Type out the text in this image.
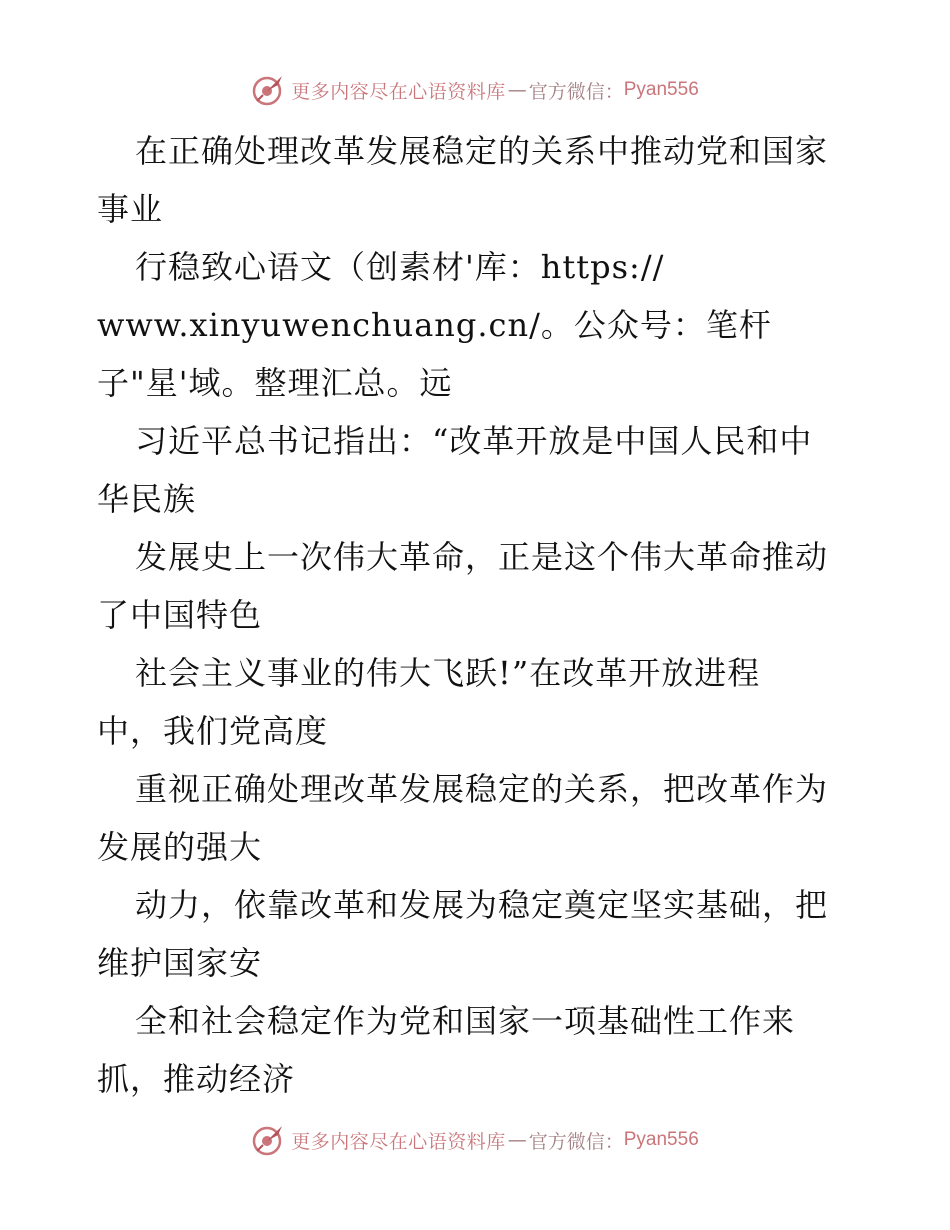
更多内容尽在心语资料库 — 官方微信： Pyan556
在正确处理改革发展稳定的关系中推动党和国家
事业
行稳致心语文（创素材'库：https://
www.xinyuwenchuang.cn/。公众号：笔杆
子"星'域。整理汇总。远
习近平总书记指出：“改革开放是中国人民和中
华民族
发展史上一次伟大革命，正是这个伟大革命推动
了中国特色
社会主义事业的伟大飞跃!”在改革开放进程
中，我们党高度
重视正确处理改革发展稳定的关系，把改革作为
发展的强大
动力，依靠改革和发展为稳定奠定坚实基础，把
维护国家安
全和社会稳定作为党和国家一项基础性工作来
抓，推动经济
更多内容尽在心语资料库 — 官方微信： Pyan556
